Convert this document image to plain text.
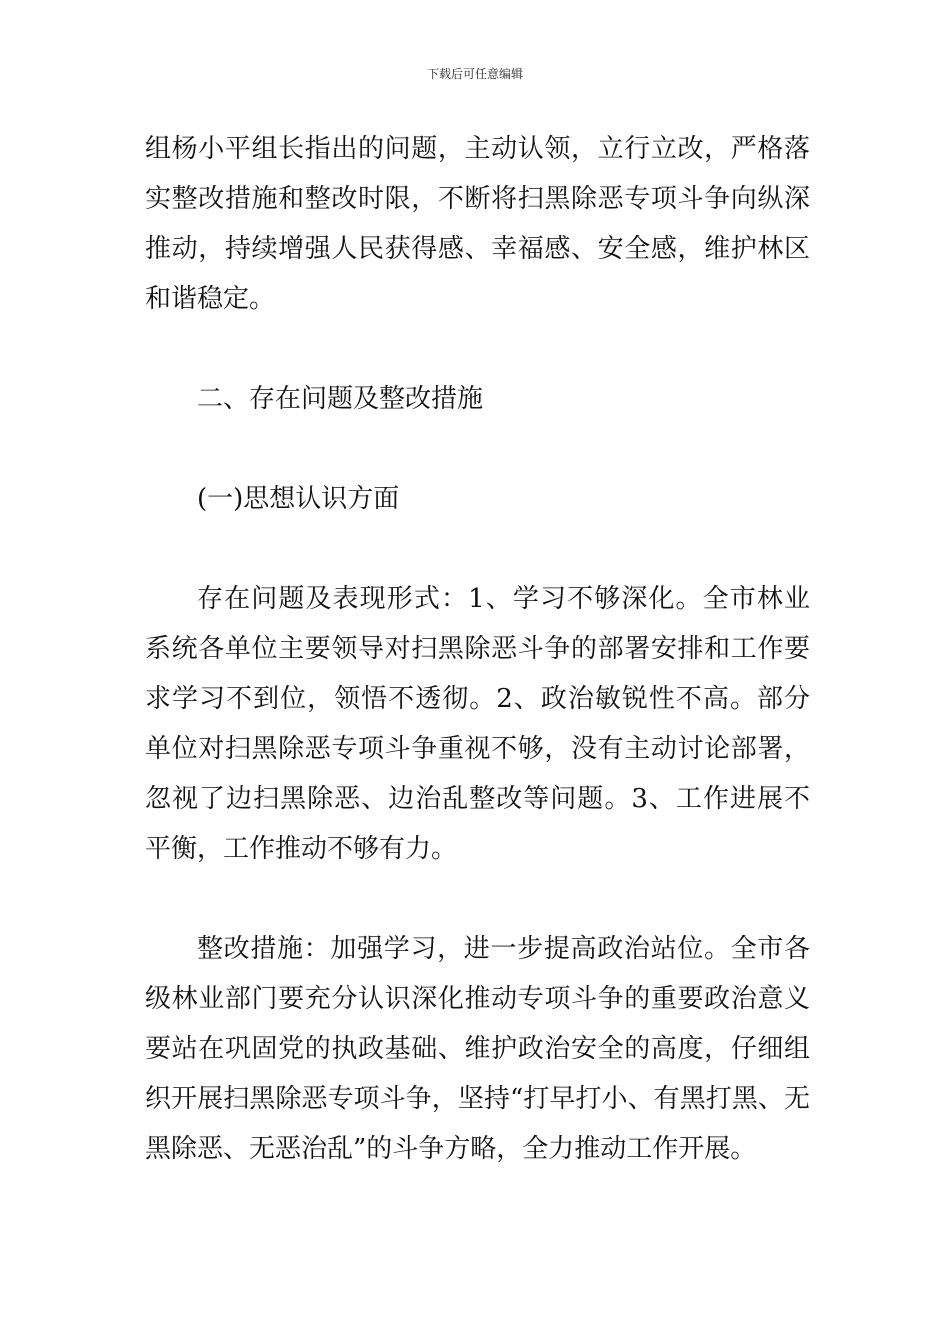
下载后可任意编辑

组杨小平组长指出的问题，主动认领，立行立改，严格落实整改措施和整改时限，不断将扫黑除恶专项斗争向纵深推动，持续增强人民获得感、幸福感、安全感，维护林区和谐稳定。

二、存在问题及整改措施

(一)思想认识方面

存在问题及表现形式：1、学习不够深化。全市林业系统各单位主要领导对扫黑除恶斗争的部署安排和工作要求学习不到位，领悟不透彻。2、政治敏锐性不高。部分单位对扫黑除恶专项斗争重视不够，没有主动讨论部署，忽视了边扫黑除恶、边治乱整改等问题。3、工作进展不平衡，工作推动不够有力。

整改措施：加强学习，进一步提高政治站位。全市各级林业部门要充分认识深化推动专项斗争的重要政治意义要站在巩固党的执政基础、维护政治安全的高度，仔细组织开展扫黑除恶专项斗争，坚持“打早打小、有黑打黑、无黑除恶、无恶治乱”的斗争方略，全力推动工作开展。
